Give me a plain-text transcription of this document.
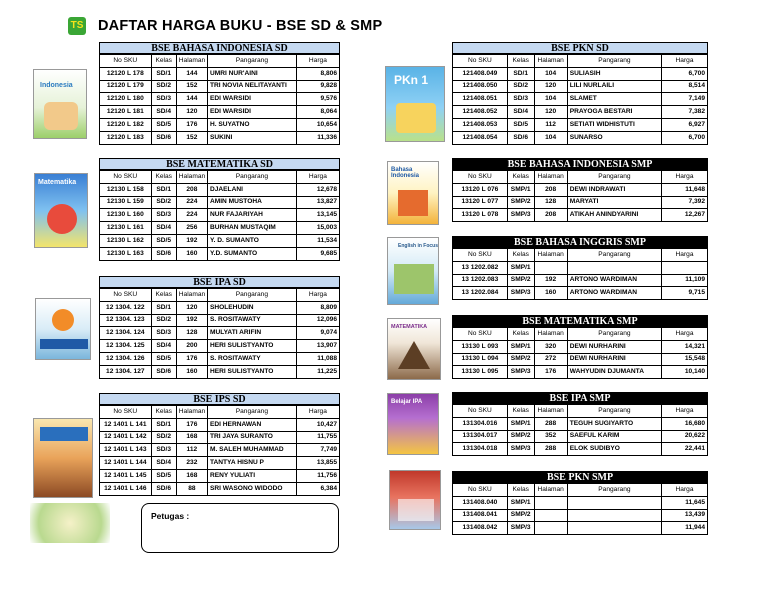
TS DAFTAR HARGA BUKU - BSE SD & SMP
Indonesia
Matematika
PKn 1
Bahasa Indonesia
English in Focus
MATEMATIKA
Belajar IPA
BSE BAHASA INDONESIA SD
No SKU	Kelas	Halaman	Pangarang	Harga
12120 L 178	SD/1	144	UMRI NUR'AINI	8,806
12120 L 179	SD/2	152	TRI NOVIA NELITAYANTI	9,828
12120 L 180	SD/3	144	EDI WARSIDI	9,576
12120 L 181	SD/4	120	EDI WARSIDI	8,064
12120 L 182	SD/5	176	H. SUYATNO	10,654
12120 L 183	SD/6	152	SUKINI	11,336
BSE MATEMATIKA SD
No SKU	Kelas	Halaman	Pangarang	Harga
12130 L 158	SD/1	208	DJAELANI	12,678
12130 L 159	SD/2	224	AMIN MUSTOHA	13,827
12130 L 160	SD/3	224	NUR FAJARIYAH	13,145
12130 L 161	SD/4	256	BURHAN MUSTAQIM	15,003
12130 L 162	SD/5	192	Y. D. SUMANTO	11,534
12130 L 163	SD/6	160	Y.D. SUMANTO	9,685
BSE IPA SD
No SKU	Kelas	Halaman	Pangarang	Harga
12 1304. 122	SD/1	120	SHOLEHUDIN	8,809
12 1304. 123	SD/2	192	S. ROSITAWATY	12,096
12 1304. 124	SD/3	128	MULYATI ARIFIN	9,074
12 1304. 125	SD/4	200	HERI SULISTYANTO	13,907
12 1304. 126	SD/5	176	S. ROSITAWATY	11,088
12 1304. 127	SD/6	160	HERI SULISTYANTO	11,225
BSE IPS SD
No SKU	Kelas	Halaman	Pangarang	Harga
12 1401 L 141	SD/1	176	EDI HERNAWAN	10,427
12 1401 L 142	SD/2	168	TRI JAYA SURANTO	11,755
12 1401 L 143	SD/3	112	M. SALEH MUHAMMAD	7,749
12 1401 L 144	SD/4	232	TANTYA HISNU P	13,855
12 1401 L 145	SD/5	168	RENY YULIATI	11,756
12 1401 L 146	SD/6	88	SRI WASONO WIDODO	6,384
BSE PKN SD
No SKU	Kelas	Halaman	Pangarang	Harga
121408.049	SD/1	104	SULIASIH	6,700
121408.050	SD/2	120	LILI NURLAILI	8,514
121408.051	SD/3	104	SLAMET	7,149
121408.052	SD/4	120	PRAYOGA BESTARI	7,382
121408.053	SD/5	112	SETIATI WIDHISTUTI	6,927
121408.054	SD/6	104	SUNARSO	6,700
BSE BAHASA INDONESIA SMP
No SKU	Kelas	Halaman	Pangarang	Harga
13120 L 076	SMP/1	208	DEWI INDRAWATI	11,648
13120 L 077	SMP/2	128	MARYATI	7,392
13120 L 078	SMP/3	208	ATIKAH ANINDYARINI	12,267
BSE BAHASA INGGRIS SMP
No SKU	Kelas	Halaman	Pangarang	Harga
13 1202.082	SMP/1			
13 1202.083	SMP/2	192	ARTONO WARDIMAN	11,109
13 1202.084	SMP/3	160	ARTONO WARDIMAN	9,715
BSE MATEMATIKA SMP
No SKU	Kelas	Halaman	Pangarang	Harga
13130 L 093	SMP/1	320	DEWI NURHARINI	14,321
13130 L 094	SMP/2	272	DEWI NURHARINI	15,548
13130 L 095	SMP/3	176	WAHYUDIN DJUMANTA	10,140
BSE IPA SMP
No SKU	Kelas	Halaman	Pangarang	Harga
131304.016	SMP/1	288	TEGUH SUGIYARTO	16,680
131304.017	SMP/2	352	SAEFUL KARIM	20,622
131304.018	SMP/3	288	ELOK SUDIBYO	22,441
BSE PKN SMP
No SKU	Kelas	Halaman	Pangarang	Harga
131408.040	SMP/1			11,645
131408.041	SMP/2			13,439
131408.042	SMP/3			11,944
Petugas :
